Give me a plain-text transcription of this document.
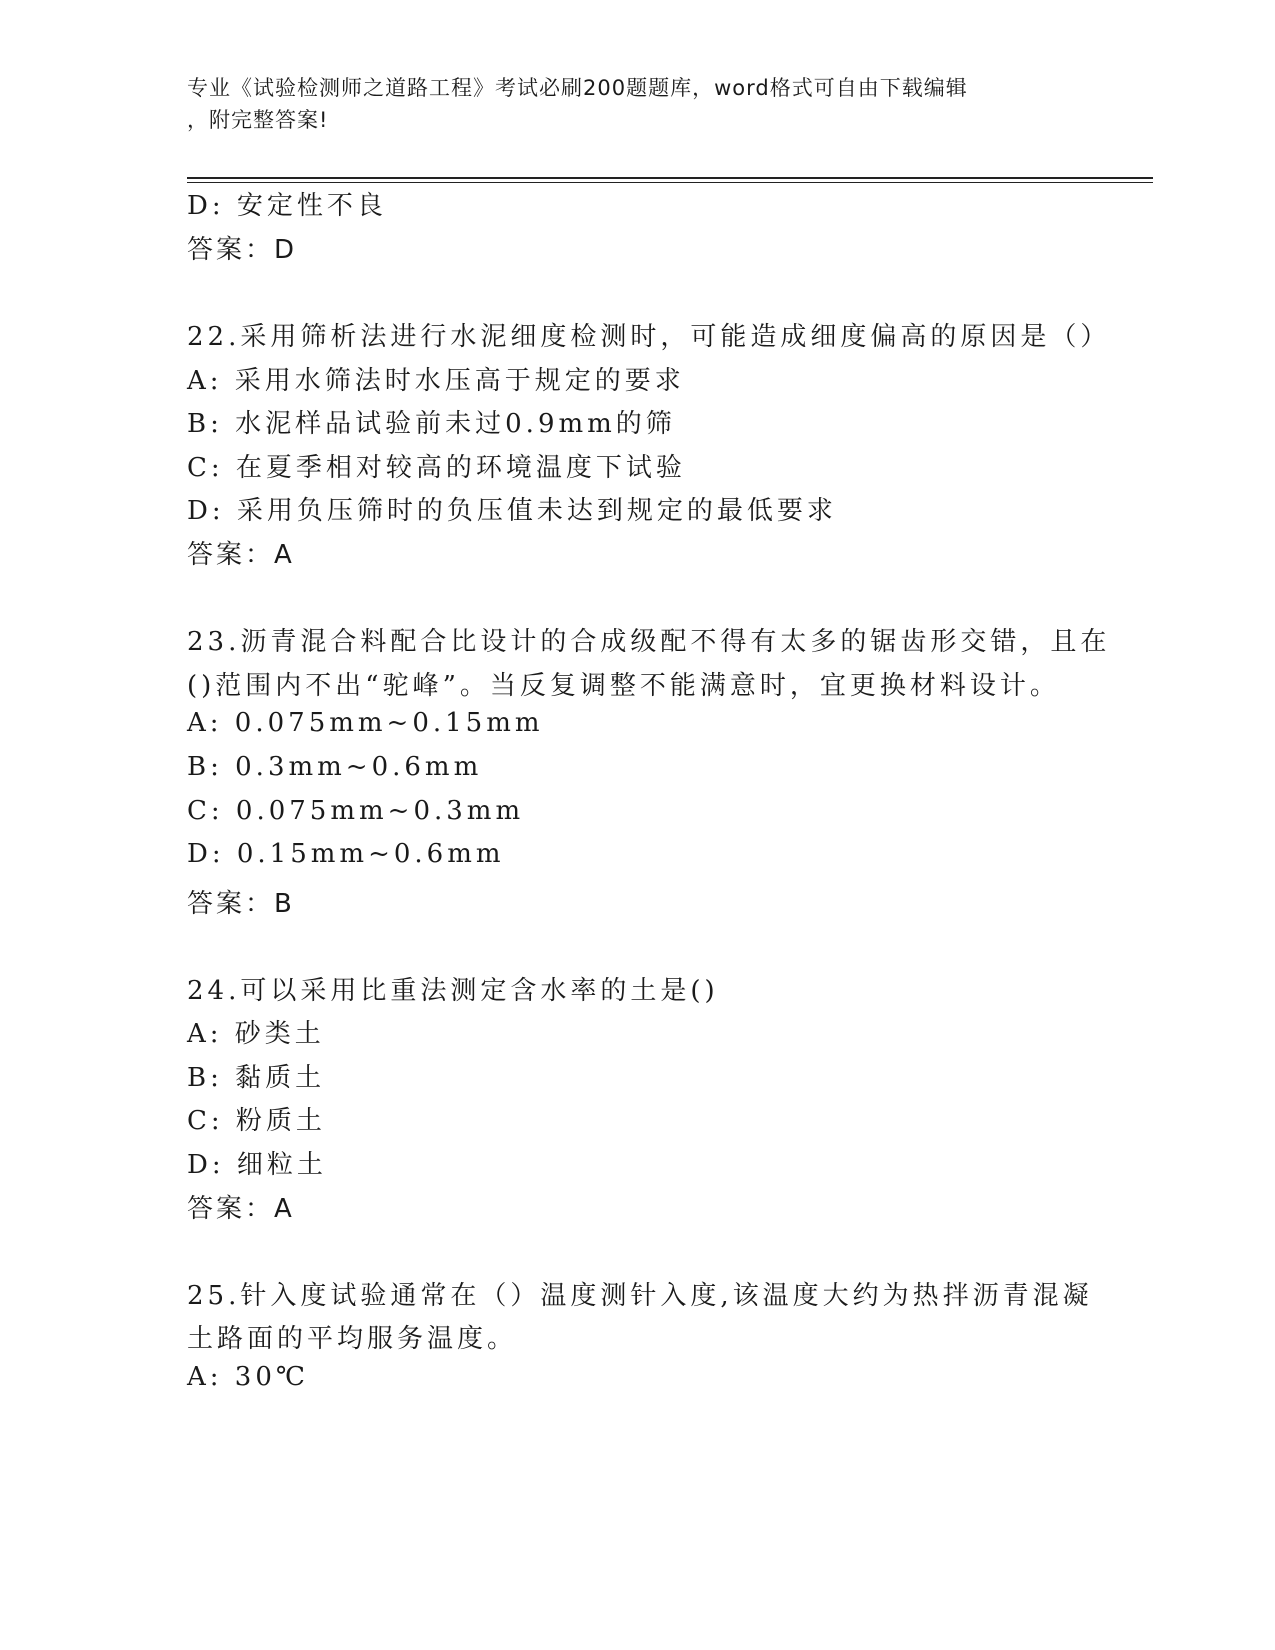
专业《试验检测师之道路工程》考试必刷200题题库，word格式可自由下载编辑
，附完整答案!
D: 安定性不良
答案：D
22.采用筛析法进行水泥细度检测时，可能造成细度偏高的原因是（）
A: 采用水筛法时水压高于规定的要求
B: 水泥样品试验前未过0.9mm的筛
C: 在夏季相对较高的环境温度下试验
D: 采用负压筛时的负压值未达到规定的最低要求
答案：A
23.沥青混合料配合比设计的合成级配不得有太多的锯齿形交错，且在
()范围内不出“驼峰”。当反复调整不能满意时，宜更换材料设计。
A: 0.075mm~0.15mm
B: 0.3mm~0.6mm
C: 0.075mm~0.3mm
D: 0.15mm~0.6mm
答案：B
24.可以采用比重法测定含水率的土是()
A: 砂类土
B: 黏质土
C: 粉质土
D: 细粒土
答案：A
25.针入度试验通常在（）温度测针入度,该温度大约为热拌沥青混凝
土路面的平均服务温度。
A: 30℃
